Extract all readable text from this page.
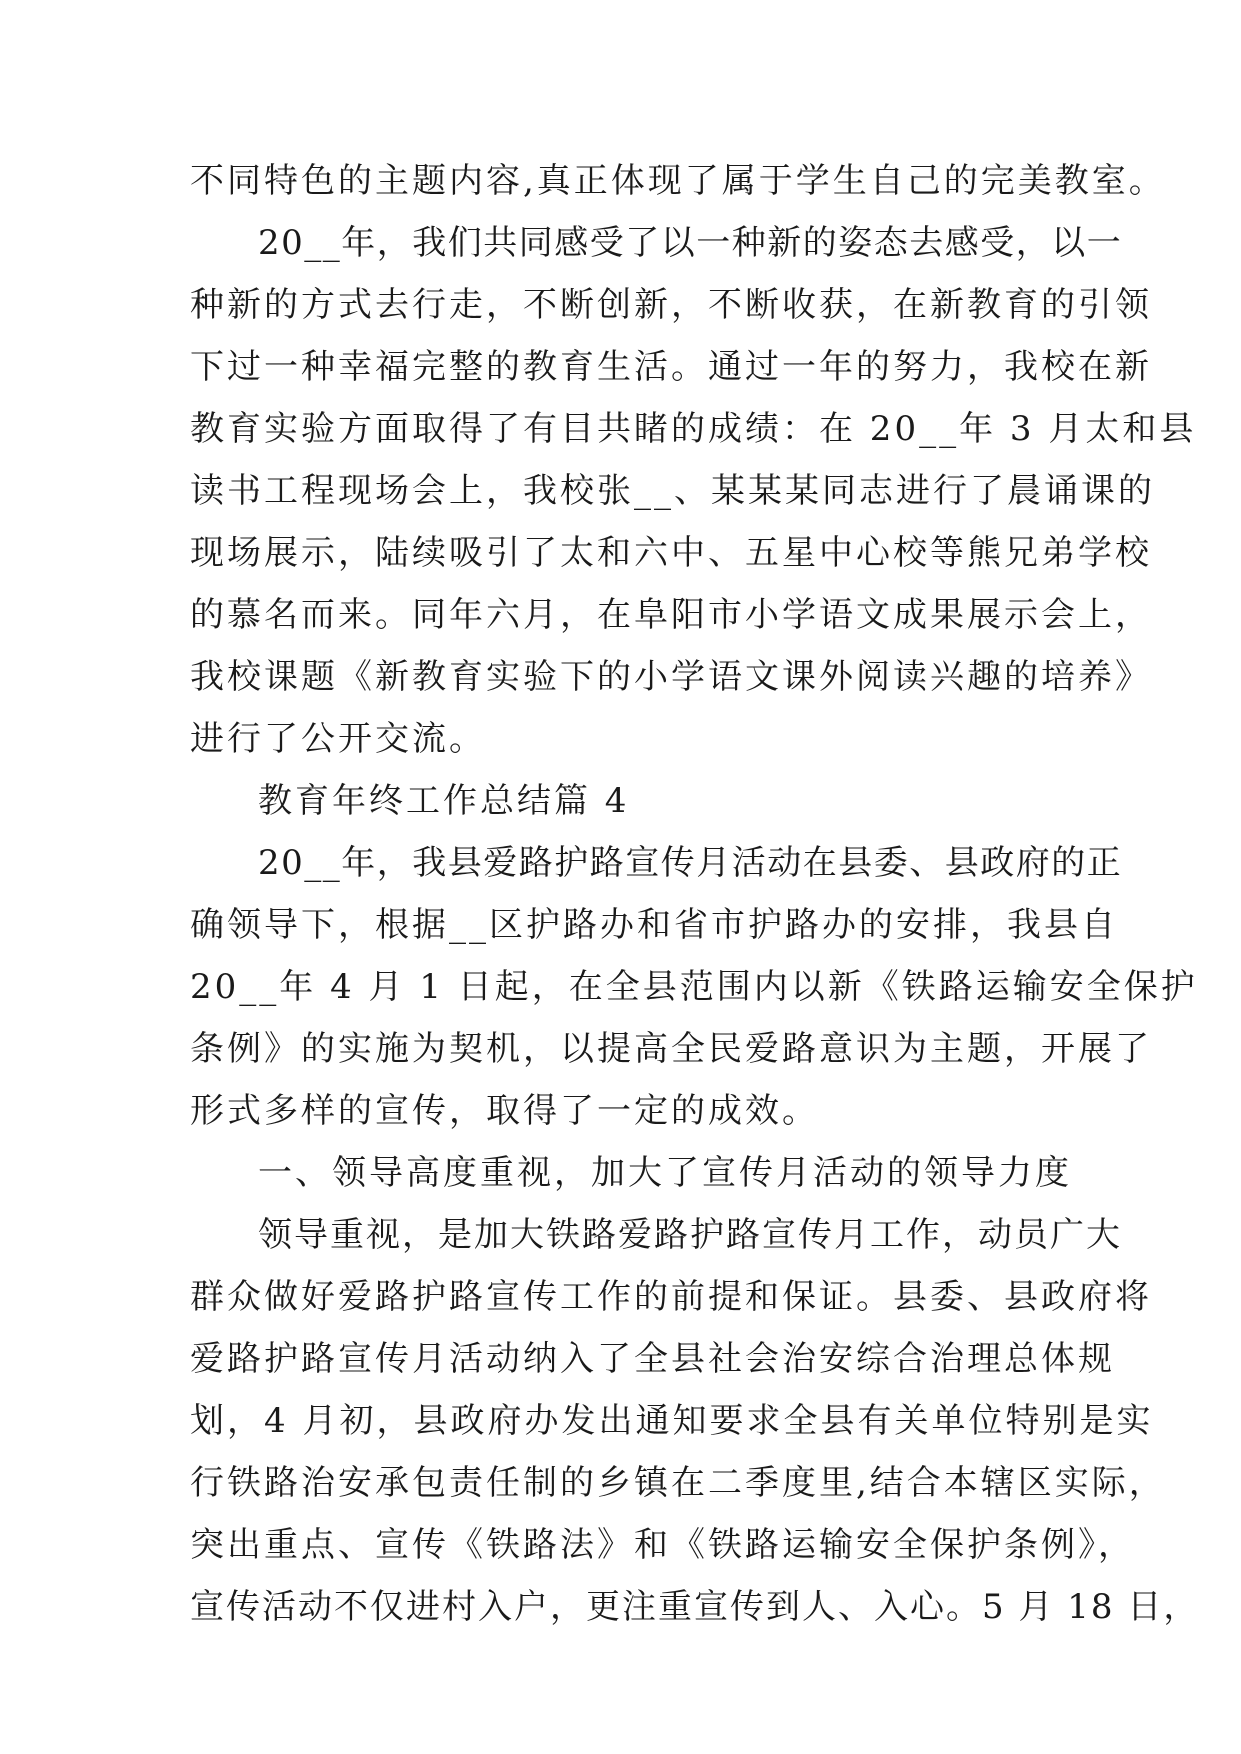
不同特色的主题内容,真正体现了属于学生自己的完美教室。
20__年，我们共同感受了以一种新的姿态去感受，以一
种新的方式去行走，不断创新，不断收获，在新教育的引领
下过一种幸福完整的教育生活。通过一年的努力，我校在新
教育实验方面取得了有目共睹的成绩：在 20__年 3 月太和县
读书工程现场会上，我校张__、某某某同志进行了晨诵课的
现场展示，陆续吸引了太和六中、五星中心校等熊兄弟学校
的慕名而来。同年六月，在阜阳市小学语文成果展示会上，
我校课题《新教育实验下的小学语文课外阅读兴趣的培养》
进行了公开交流。
教育年终工作总结篇 4
20__年，我县爱路护路宣传月活动在县委、县政府的正
确领导下，根据__区护路办和省市护路办的安排，我县自
20__年 4 月 1 日起，在全县范围内以新《铁路运输安全保护
条例》的实施为契机，以提高全民爱路意识为主题，开展了
形式多样的宣传，取得了一定的成效。
一、领导高度重视，加大了宣传月活动的领导力度
领导重视，是加大铁路爱路护路宣传月工作，动员广大
群众做好爱路护路宣传工作的前提和保证。县委、县政府将
爱路护路宣传月活动纳入了全县社会治安综合治理总体规
划，4 月初，县政府办发出通知要求全县有关单位特别是实
行铁路治安承包责任制的乡镇在二季度里,结合本辖区实际，
突出重点、宣传《铁路法》和《铁路运输安全保护条例》，
宣传活动不仅进村入户，更注重宣传到人、入心。5 月 18 日，
